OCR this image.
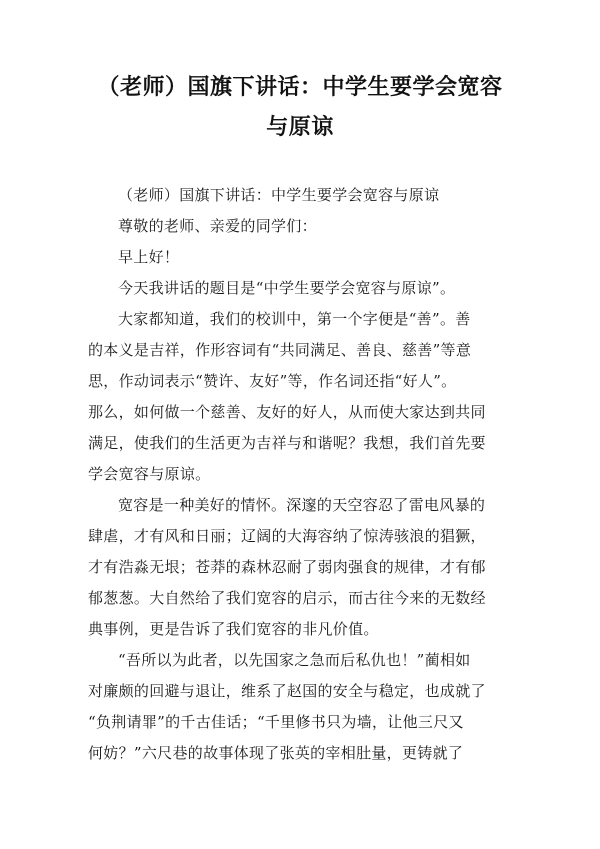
（老师）国旗下讲话：中学生要学会宽容
与原谅

（老师）国旗下讲话：中学生要学会宽容与原谅

尊敬的老师、亲爱的同学们：

早上好！

今天我讲话的题目是“中学生要学会宽容与原谅”。

大家都知道，我们的校训中，第一个字便是“善”。善
的本义是吉祥，作形容词有“共同满足、善良、慈善”等意
思，作动词表示“赞许、友好”等，作名词还指“好人”。
那么，如何做一个慈善、友好的好人，从而使大家达到共同
满足，使我们的生活更为吉祥与和谐呢？我想，我们首先要
学会宽容与原谅。

宽容是一种美好的情怀。深邃的天空容忍了雷电风暴的
肆虐，才有风和日丽；辽阔的大海容纳了惊涛骇浪的猖獗，
才有浩淼无垠；苍莽的森林忍耐了弱肉强食的规律，才有郁
郁葱葱。大自然给了我们宽容的启示，而古往今来的无数经
典事例，更是告诉了我们宽容的非凡价值。

“吾所以为此者，以先国家之急而后私仇也！”蔺相如
对廉颇的回避与退让，维系了赵国的安全与稳定，也成就了
“负荆请罪”的千古佳话；“千里修书只为墙，让他三尺又
何妨？”六尺巷的故事体现了张英的宰相肚量，更铸就了
